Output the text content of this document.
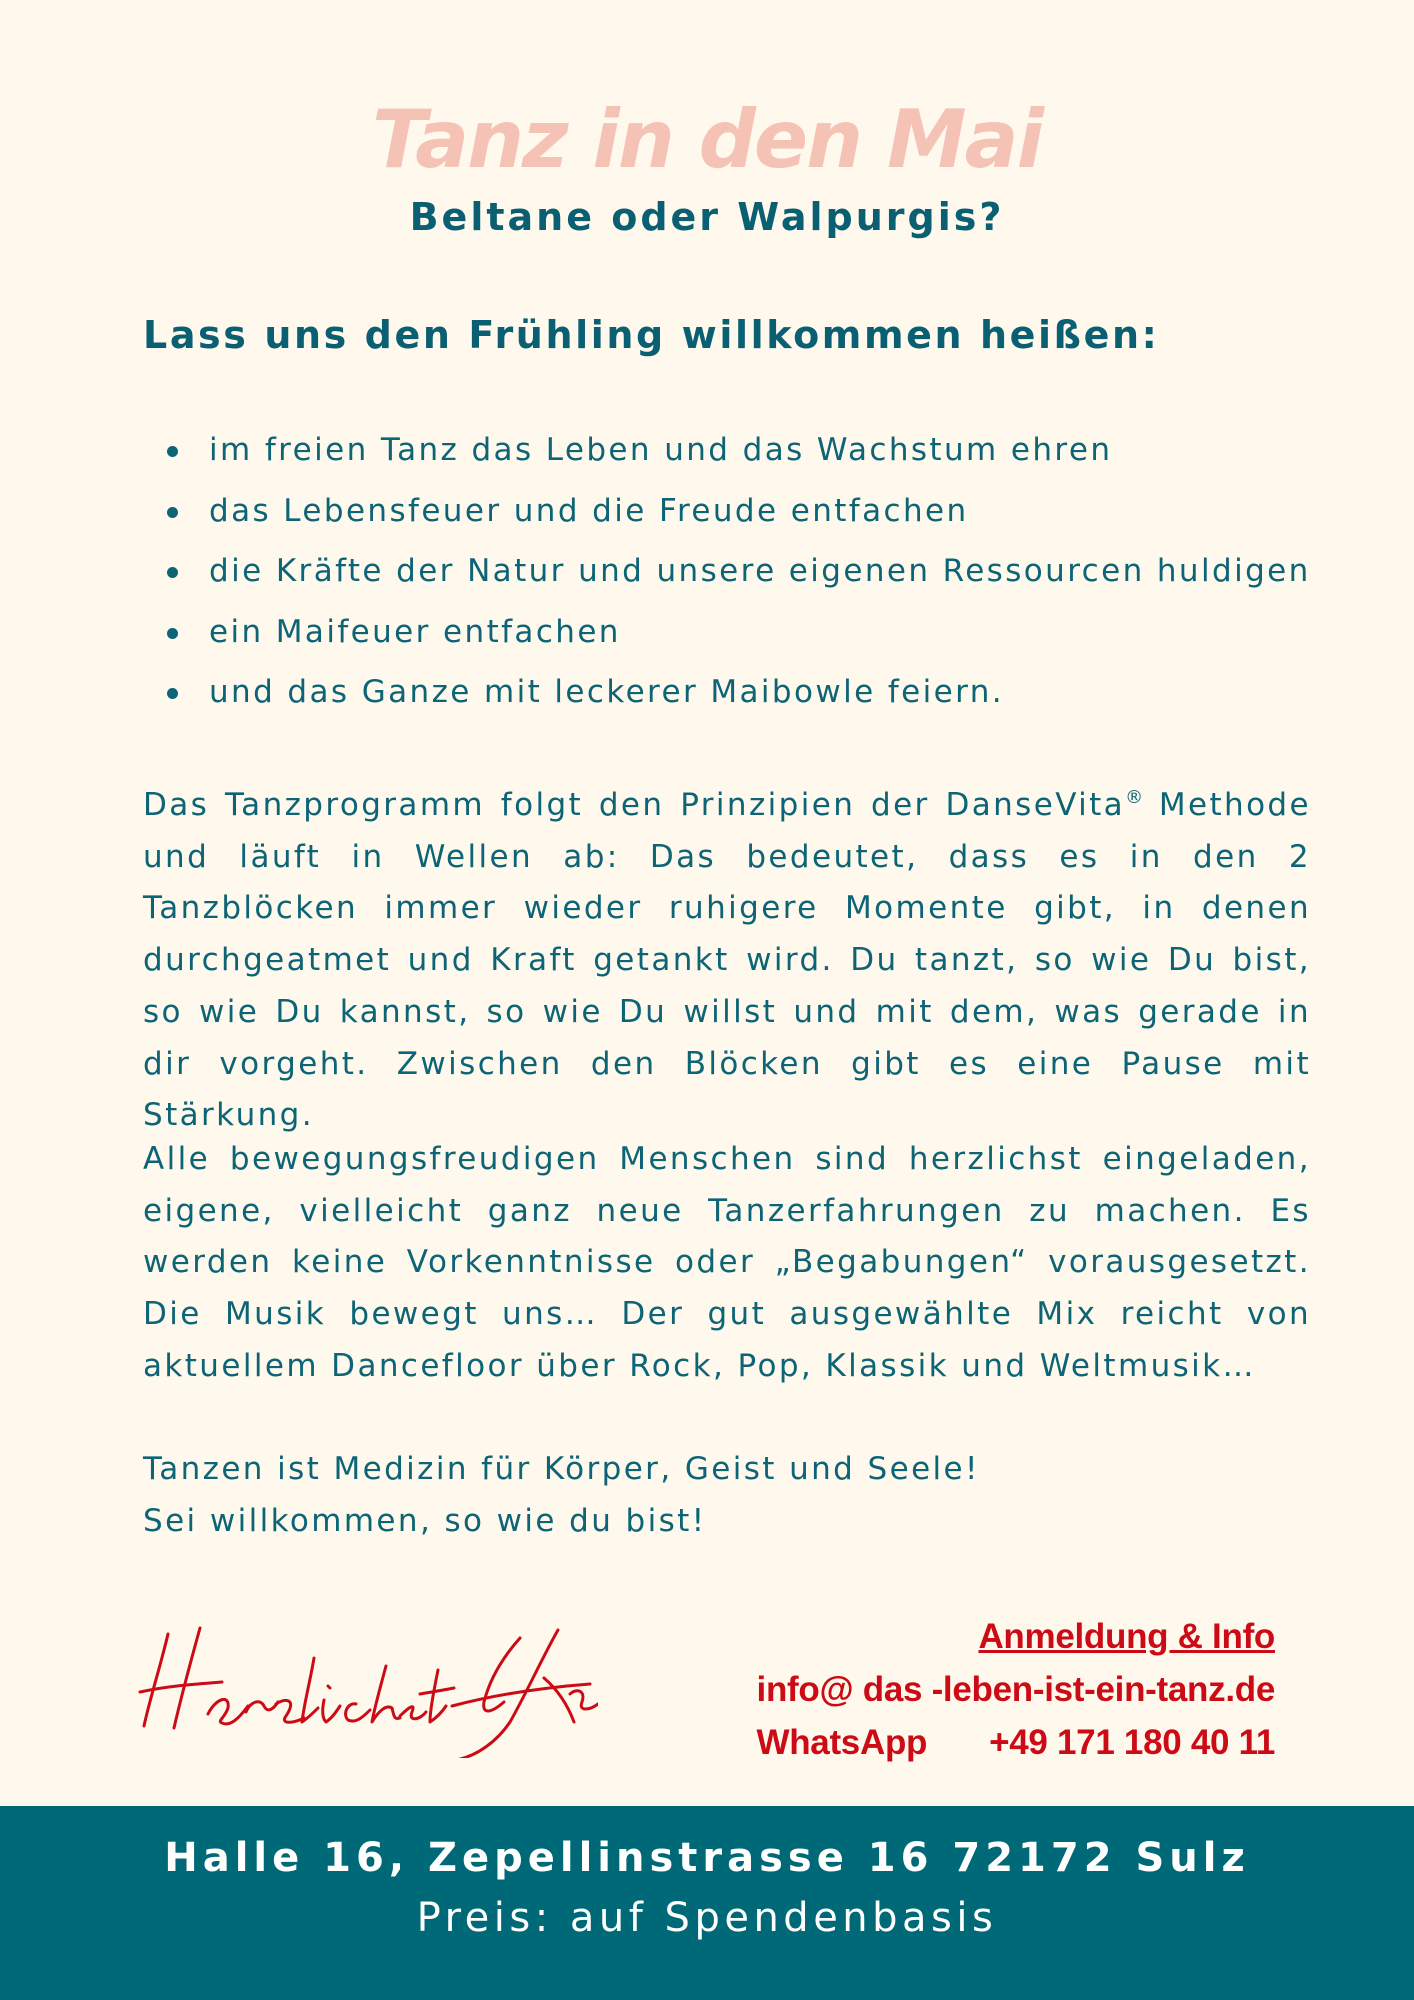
Tanz in den Mai
Beltane oder Walpurgis?

Lass uns den Frühling willkommen heißen:

im freien Tanz das Leben und das Wachstum ehren
das Lebensfeuer und die Freude entfachen
die Kräfte der Natur und unsere eigenen Ressourcen huldigen
ein Maifeuer entfachen
und das Ganze mit leckerer Maibowle feiern.

Das Tanzprogramm folgt den Prinzipien der DanseVita® Methode und läuft in Wellen ab: Das bedeutet, dass es in den 2 Tanzblöcken immer wieder ruhigere Momente gibt, in denen durchgeatmet und Kraft getankt wird. Du tanzt, so wie Du bist, so wie Du kannst, so wie Du willst und mit dem, was gerade in dir vorgeht. Zwischen den Blöcken gibt es eine Pause mit Stärkung.

Alle bewegungsfreudigen Menschen sind herzlichst eingeladen, eigene, vielleicht ganz neue Tanzerfahrungen zu machen. Es werden keine Vorkenntnisse oder „Begabungen“ vorausgesetzt. Die Musik bewegt uns… Der gut ausgewählte Mix reicht von aktuellem Dancefloor über Rock, Pop, Klassik und Weltmusik…

Tanzen ist Medizin für Körper, Geist und Seele!
Sei willkommen, so wie du bist!

Anmeldung & Info
info@ das -leben-ist-ein-tanz.de
WhatsApp +49 171 180 40 11
Halle 16, Zepellinstrasse 16 72172 Sulz
Preis: auf Spendenbasis
